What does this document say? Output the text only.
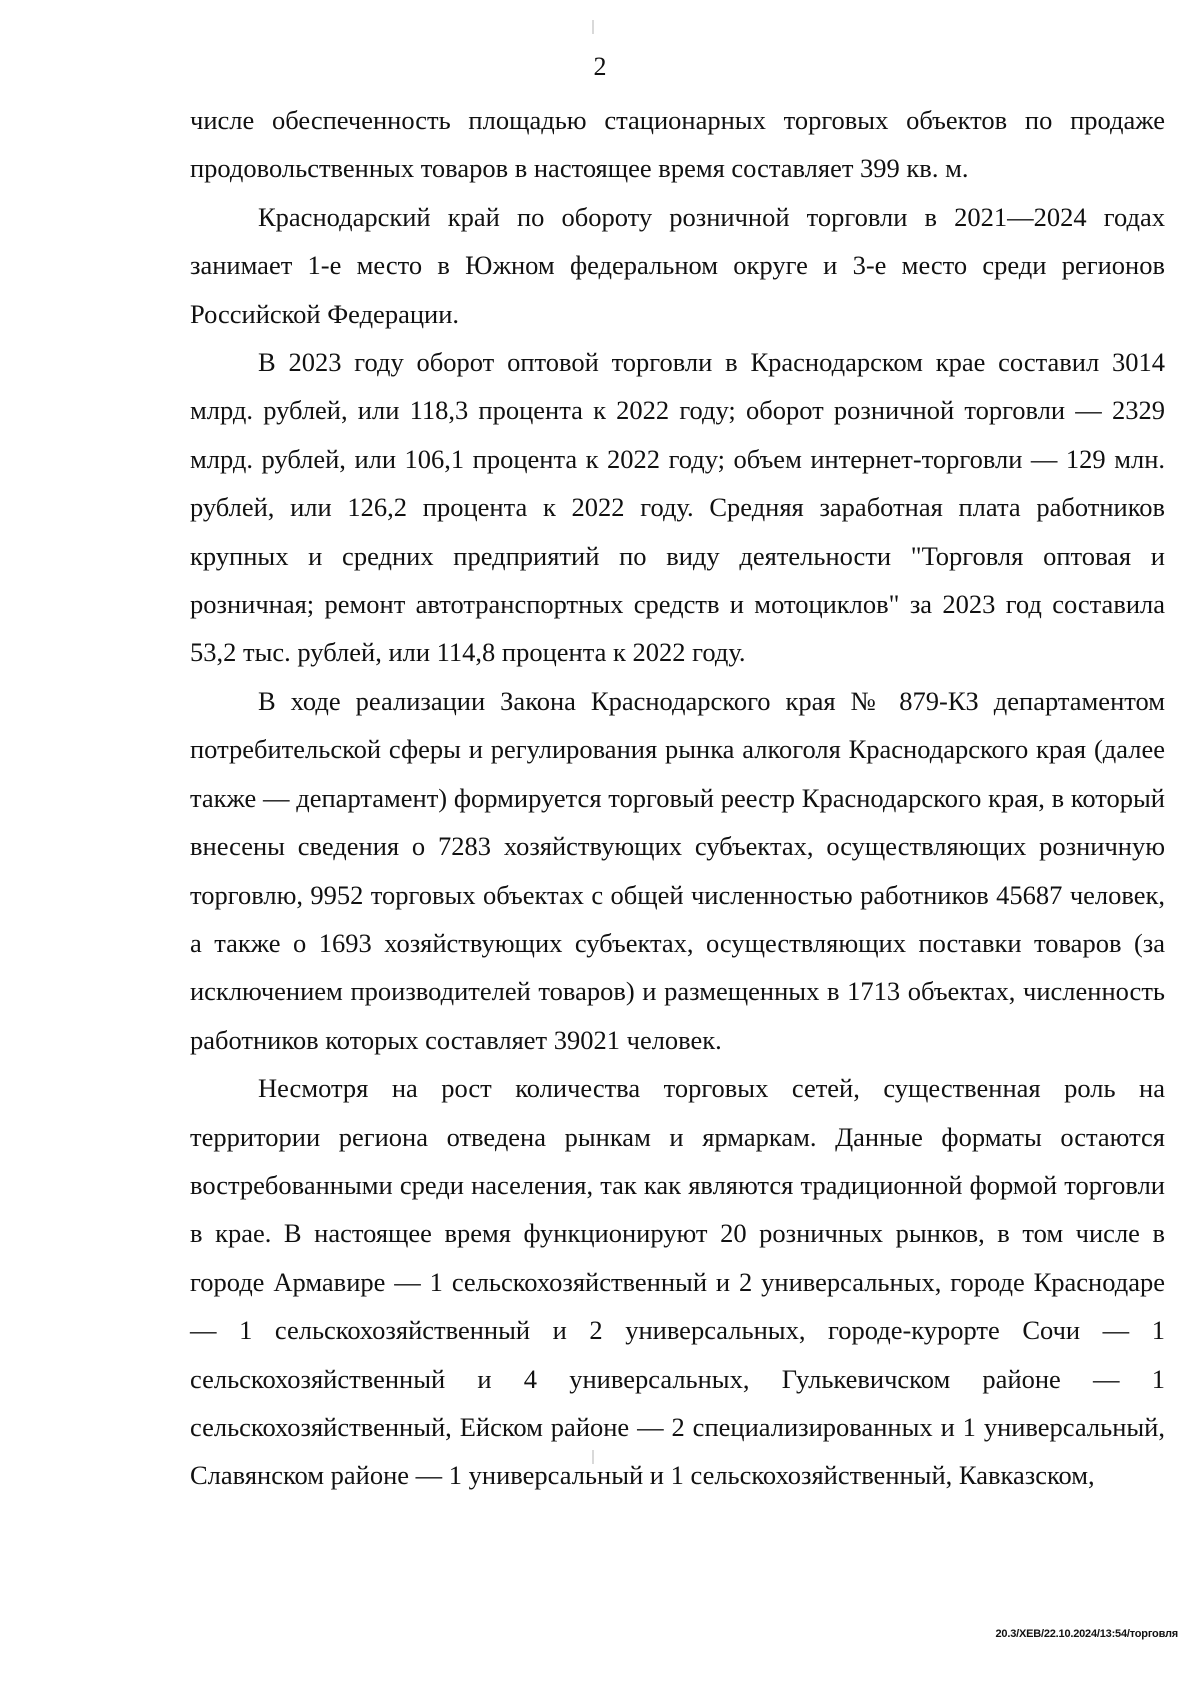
2

числе обеспеченность площадью стационарных торговых объектов по продаже продовольственных товаров в настоящее время составляет 399 кв. м.

Краснодарский край по обороту розничной торговли в 2021—2024 годах занимает 1-е место в Южном федеральном округе и 3-е место среди регионов Российской Федерации.

В 2023 году оборот оптовой торговли в Краснодарском крае составил 3014 млрд. рублей, или 118,3 процента к 2022 году; оборот розничной торговли — 2329 млрд. рублей, или 106,1 процента к 2022 году; объем интернет-торговли — 129 млн. рублей, или 126,2 процента к 2022 году. Средняя заработная плата работников крупных и средних предприятий по виду деятельности "Торговля оптовая и розничная; ремонт автотранспортных средств и мотоциклов" за 2023 год составила 53,2 тыс. рублей, или 114,8 процента к 2022 году.

В ходе реализации Закона Краснодарского края № 879-КЗ департаментом потребительской сферы и регулирования рынка алкоголя Краснодарского края (далее также — департамент) формируется торговый реестр Краснодарского края, в который внесены сведения о 7283 хозяйствующих субъектах, осуществляющих розничную торговлю, 9952 торговых объектах с общей численностью работников 45687 человек, а также о 1693 хозяйствующих субъектах, осуществляющих поставки товаров (за исключением производителей товаров) и размещенных в 1713 объектах, численность работников которых составляет 39021 человек.

Несмотря на рост количества торговых сетей, существенная роль на территории региона отведена рынкам и ярмаркам. Данные форматы остаются востребованными среди населения, так как являются традиционной формой торговли в крае. В настоящее время функционируют 20 розничных рынков, в том числе в городе Армавире — 1 сельскохозяйственный и 2 универсальных, городе Краснодаре — 1 сельскохозяйственный и 2 универсальных, городе-курорте Сочи — 1 сельскохозяйственный и 4 универсальных, Гулькевичском районе — 1 сельскохозяйственный, Ейском районе — 2 специализированных и 1 универсальный, Славянском районе — 1 универсальный и 1 сельскохозяйственный, Кавказском,

20.3/ХЕВ/22.10.2024/13:54/торговля
